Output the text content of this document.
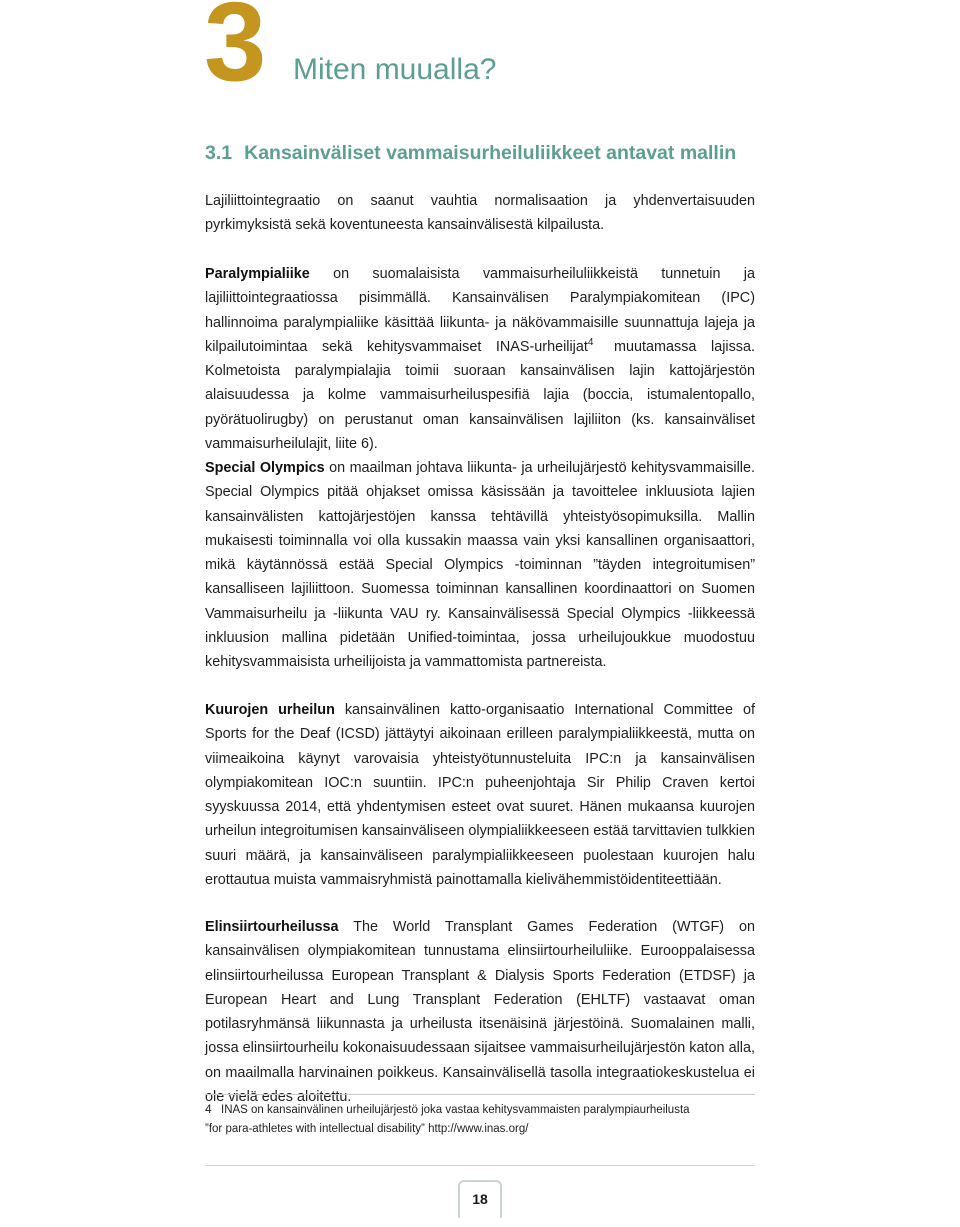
3 Miten muualla?
3.1 Kansainväliset vammaisurheiluliikkeet antavat mallin
Lajiliittointegraatio on saanut vauhtia normalisaation ja yhdenvertaisuuden pyrkimyksistä sekä koventuneesta kansainvälisestä kilpailusta.
Paralympialiike on suomalaisista vammaisurheiluliikkeistä tunnetuin ja lajiliittointegraatiossa pisimmällä. Kansainvälisen Paralympiakomitean (IPC) hallinnoima paralympialiike käsittää liikunta- ja näkövammaisille suunnattuja lajeja ja kilpailutoimintaa sekä kehitysvammaiset INAS-urheilijat$^4$ muutamassa lajissa. Kolmetoista paralympialajia toimii suoraan kansainvälisen lajin kattojärjestön alaisuudessa ja kolme vammaisurheiluspesifiä lajia (boccia, istumalentopallo, pyörätuolirugby) on perustanut oman kansainvälisen lajiliiton (ks. kansainväliset vammaisurheilulajit, liite 6).
Special Olympics on maailman johtava liikunta- ja urheilujärjestö kehitysvammaisille. Special Olympics pitää ohjakset omissa käsissään ja tavoittelee inkluusiota lajien kansainvälisten kattojärjestöjen kanssa tehtävillä yhteistyösopimuksilla. Mallin mukaisesti toiminnalla voi olla kussakin maassa vain yksi kansallinen organisaattori, mikä käytännössä estää Special Olympics -toiminnan ”täyden integroitumisen” kansalliseen lajiliittoon. Suomessa toiminnan kansallinen koordinaattori on Suomen Vammaisurheilu ja -liikunta VAU ry. Kansainvälisessä Special Olympics -liikkeessä inkluusion mallina pidetään Unified-toimintaa, jossa urheilujoukkue muodostuu kehitysvammaisista urheilijoista ja vammattomista partnereista.
Kuurojen urheilun kansainvälinen katto-organisaatio International Committee of Sports for the Deaf (ICSD) jättäytyi aikoinaan erilleen paralympialiikkeestä, mutta on viimeaikoina käynyt varovaisia yhteistyötunnusteluita IPC:n ja kansainvälisen olympiakomitean IOC:n suuntiin. IPC:n puheenjohtaja Sir Philip Craven kertoi syyskuussa 2014, että yhdentymisen esteet ovat suuret. Hänen mukaansa kuurojen urheilun integroitumisen kansainväliseen olympialiikkeeseen estää tarvittavien tulkkien suuri määrä, ja kansainväliseen paralympialiikkeeseen puolestaan kuurojen halu erottautua muista vammaisryhmistä painottamalla kielivähemmistöidentiteettiään.
Elinsiirtourheilussa The World Transplant Games Federation (WTGF) on kansainvälisen olympiakomitean tunnustama elinsiirtourheiluliike. Eurooppalaisessa elinsiirtourheilussa European Transplant & Dialysis Sports Federation (ETDSF) ja European Heart and Lung Transplant Federation (EHLTF) vastaavat oman potilasryhmänsä liikunnasta ja urheilusta itsenäisinä järjestöinä. Suomalainen malli, jossa elinsiirtourheilu kokonaisuudessaan sijaitsee vammaisurheilujärjestön katon alla, on maailmalla harvinainen poikkeus. Kansainvälisellä tasolla integraatiokeskustelua ei ole vielä edes aloitettu.
4 INAS on kansainvälinen urheilujärjestö joka vastaa kehitysvammaisten paralympiaurheilusta
”for para-athletes with intellectual disability” http://www.inas.org/
18
